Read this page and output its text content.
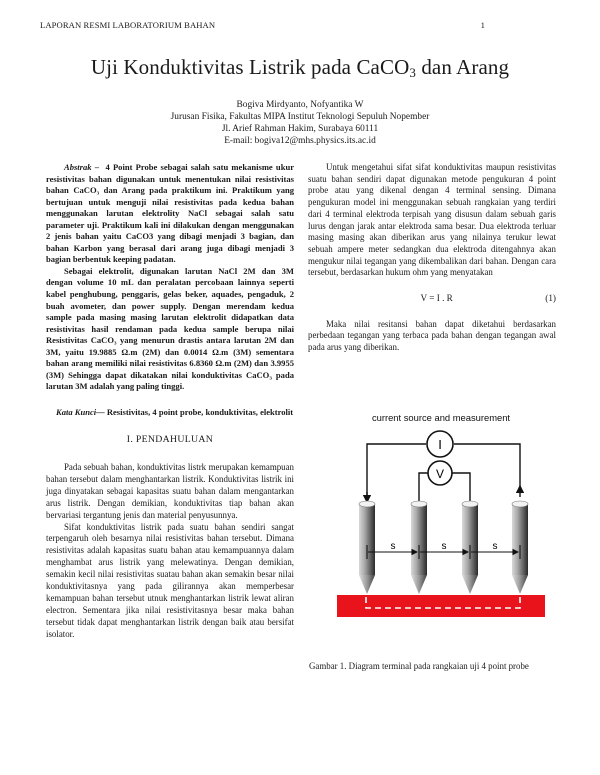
LAPORAN RESMI LABORATORIUM BAHAN	1
Uji Konduktivitas Listrik pada CaCO$_3$ dan Arang
Bogiva Mirdyanto, Nofyantika W
Jurusan Fisika, Fakultas MIPA Institut Teknologi Sepuluh Nopember
Jl. Arief Rahman Hakim, Surabaya 60111
E-mail: bogiva12@mhs.physics.its.ac.id

Abstrak –  4 Point Probe sebagai salah satu mekanisme ukur resistivitas bahan digunakan untuk menentukan nilai resistivitas bahan CaCO₃ dan Arang pada praktikum ini. Praktikum yang bertujuan untuk menguji nilai resistivitas pada kedua bahan menggunakan larutan elektrolity NaCl sebagai salah satu parameter uji. Praktikum kali ini dilakukan dengan menggunakan 2 jenis bahan yaitu CaCO3 yang dibagi menjadi 3 bagian, dan bahan Karbon yang berasal dari arang juga dibagi menjadi 3 bagian berbentuk keeping padatan.

Sebagai elektrolit, digunakan larutan NaCl 2M dan 3M dengan volume 10 mL dan peralatan percobaan lainnya seperti kabel penghubung, penggaris, gelas beker, aquades, pengaduk, 2 buah avometer, dan power supply. Dengan merendam kedua sample pada masing masing larutan elektrolit didapatkan data resistivitas hasil rendaman pada kedua sample berupa nilai Resistivitas CaCO₃ yang menurun drastis antara larutan 2M dan 3M, yaitu 19.9885 Ω.m (2M) dan 0.0014 Ω.m (3M) sementara bahan arang memiliki nilai resistivitas 6.8360 Ω.m (2M) dan 3.9955 (3M) Sehingga dapat dikatakan nilai konduktivitas CaCO₃ pada larutan 3M adalah yang paling tinggi.

Kata Kunci— Resistivitas, 4 point probe, konduktivitas, elektrolit

I. PENDAHULUAN

Pada sebuah bahan, konduktivitas listrk merupakan kemampuan bahan tersebut dalam menghantarkan listrik. Konduktivitas listrik ini juga dinyatakan sebagai kapasitas suatu bahan dalam mengantarkan arus listrik. Dengan demikian, konduktivitas tiap bahan akan bervariasi tergantung jenis dan material penyusunnya.

Sifat konduktivitas listrik pada suatu bahan sendiri sangat terpengaruh oleh besarnya nilai resistivitas bahan tersebut. Dimana resistivitas adalah kapasitas suatu bahan atau kemampuannya dalam menghambat arus listrik yang melewatinya. Dengan demikian, semakin kecil nilai resistivitas suatau bahan akan semakin besar nilai konduktivitasnya yang pada gilirannya akan memperbesar kemampuan bahan tersebut utnuk menghantarkan listrik lewat aliran electron. Sementara jika nilai resistivitasnya besar maka bahan tersebut tidak dapat menghantarkan listrik dengan baik atau bersifat isolator.

Untuk mengetahui sifat sifat konduktivitas maupun resistivitas suatu bahan sendiri dapat digunakan metode pengukuran 4 point probe atau yang dikenal dengan 4 terminal sensing. Dimana pengukuran model ini menggunakan sebuah rangkaian yang terdiri dari 4 terminal elektroda terpisah yang disusun dalam sebuah garis lurus dengan jarak antar elektroda sama besar. Dua elektroda terluar masing masing akan diberikan arus yang nilainya terukur lewat sebuah ampere meter sedangkan dua elektroda ditengahnya akan mengukur nilai tegangan yang dikembalikan dari bahan. Dengan cara tersebut, berdasarkan hukum ohm yang menyatakan

V = I . R	(1)

Maka nilai resitansi bahan dapat diketahui berdasarkan perbedaan tegangan yang terbaca pada bahan dengan tegangan awal pada arus yang diberikan.

current source and measurement
I
V
s	s	s
Gambar 1. Diagram terminal pada rangkaian uji 4 point probe
